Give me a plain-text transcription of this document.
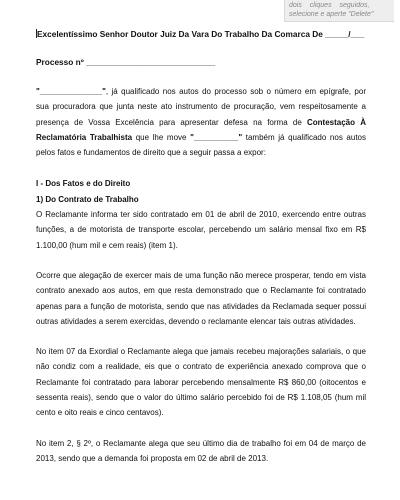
dois cliques seguidos,
selecione e aperte "Delete"
Excelentíssimo Senhor Doutor Juiz Da Vara Do Trabalho Da Comarca De _____/___
Processo nº ____________________________

"______________", já qualificado nos autos do processo sob o número em epígrafe, por sua procuradora que junta neste ato instrumento de procuração, vem respeitosamente a presença de Vossa Excelência para apresentar defesa na forma de Contestação À Reclamatória Trabalhista que lhe move "__________" também já qualificado nos autos pelos fatos e fundamentos de direito que a seguir passa a expor:

I - Dos Fatos e do Direito

1) Do Contrato de Trabalho

O Reclamante informa ter sido contratado em 01 de abril de 2010, exercendo entre outras funções, a de motorista de transporte escolar, percebendo um salário mensal fixo em R$ 1.100,00 (hum mil e cem reais) (item 1).

Ocorre que alegação de exercer mais de uma função não merece prosperar, tendo em vista contrato anexado aos autos, em que resta demonstrado que o Reclamante foi contratado apenas para a função de motorista, sendo que nas atividades da Reclamada sequer possui outras atividades a serem exercidas, devendo o reclamante elencar tais outras atividades.

No item 07 da Exordial o Reclamante alega que jamais recebeu majorações salariais, o que não condiz com a realidade, eis que o contrato de experiência anexado comprova que o Reclamante foi contratado para laborar percebendo mensalmente R$ 860,00 (oitocentos e sessenta reais), sendo que o valor do último salário percebido foi de R$ 1.108,05 (hum mil cento e oito reais e cinco centavos).

No item 2, § 2º, o Reclamante alega que seu último dia de trabalho foi em 04 de março de 2013, sendo que a demanda foi proposta em 02 de abril de 2013.
